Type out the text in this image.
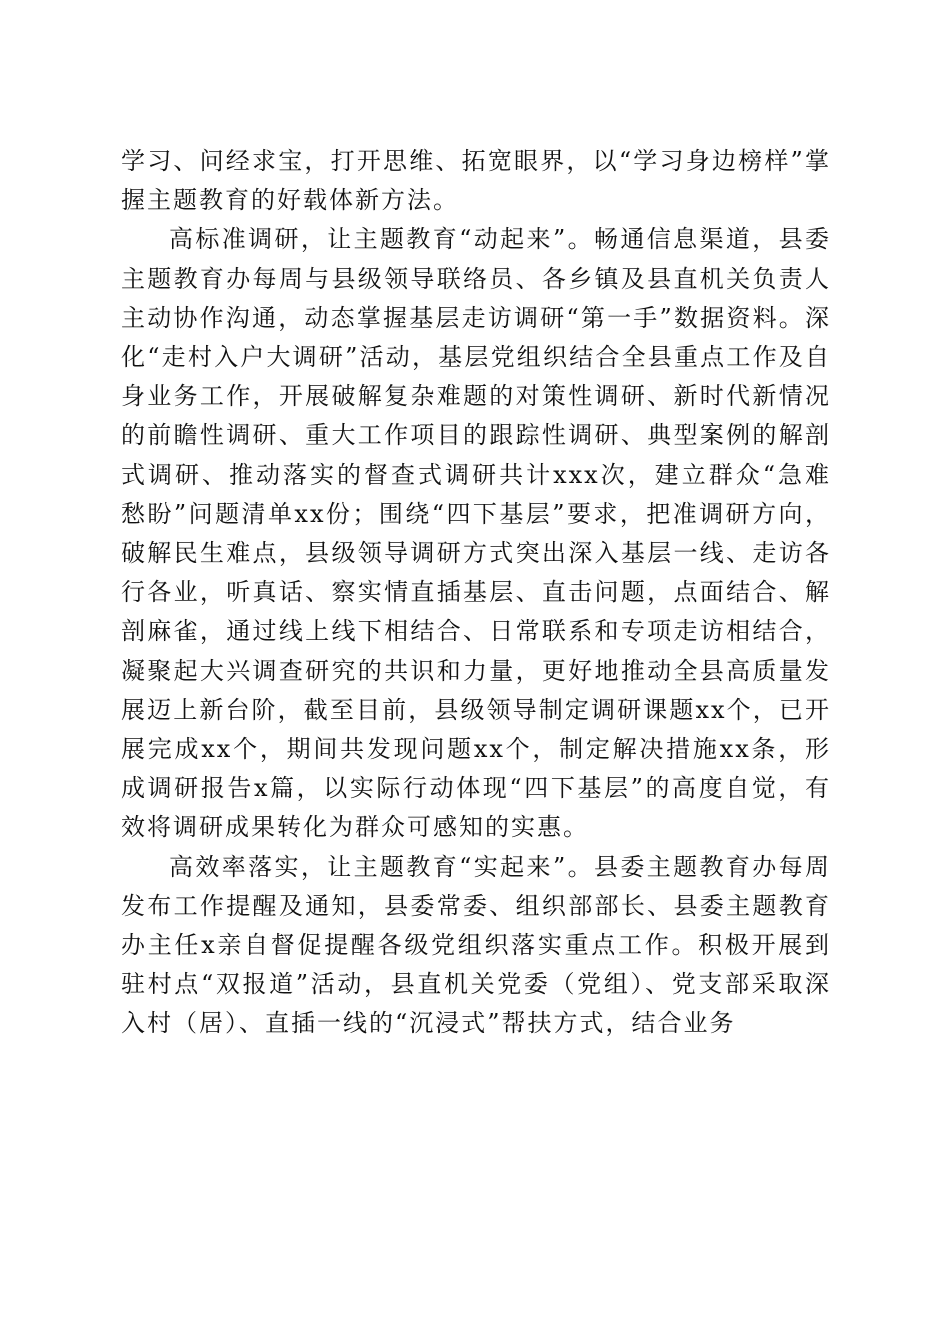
学习、问经求宝，打开思维、拓宽眼界，以“学习身边榜样”掌握主题教育的好载体新方法。

高标准调研，让主题教育“动起来”。畅通信息渠道，县委主题教育办每周与县级领导联络员、各乡镇及县直机关负责人主动协作沟通，动态掌握基层走访调研“第一手”数据资料。深化“走村入户大调研”活动，基层党组织结合全县重点工作及自身业务工作，开展破解复杂难题的对策性调研、新时代新情况的前瞻性调研、重大工作项目的跟踪性调研、典型案例的解剖式调研、推动落实的督查式调研共计xxx次，建立群众“急难愁盼”问题清单xx份；围绕“四下基层”要求，把准调研方向，破解民生难点，县级领导调研方式突出深入基层一线、走访各行各业，听真话、察实情直插基层、直击问题，点面结合、解剖麻雀，通过线上线下相结合、日常联系和专项走访相结合，凝聚起大兴调查研究的共识和力量，更好地推动全县高质量发展迈上新台阶，截至目前，县级领导制定调研课题xx个，已开展完成xx个，期间共发现问题xx个，制定解决措施xx条，形成调研报告x篇，以实际行动体现“四下基层”的高度自觉，有效将调研成果转化为群众可感知的实惠。

高效率落实，让主题教育“实起来”。县委主题教育办每周发布工作提醒及通知，县委常委、组织部部长、县委主题教育办主任x亲自督促提醒各级党组织落实重点工作。积极开展到驻村点“双报道”活动，县直机关党委（党组）、党支部采取深入村（居）、直插一线的“沉浸式”帮扶方式，结合业务
